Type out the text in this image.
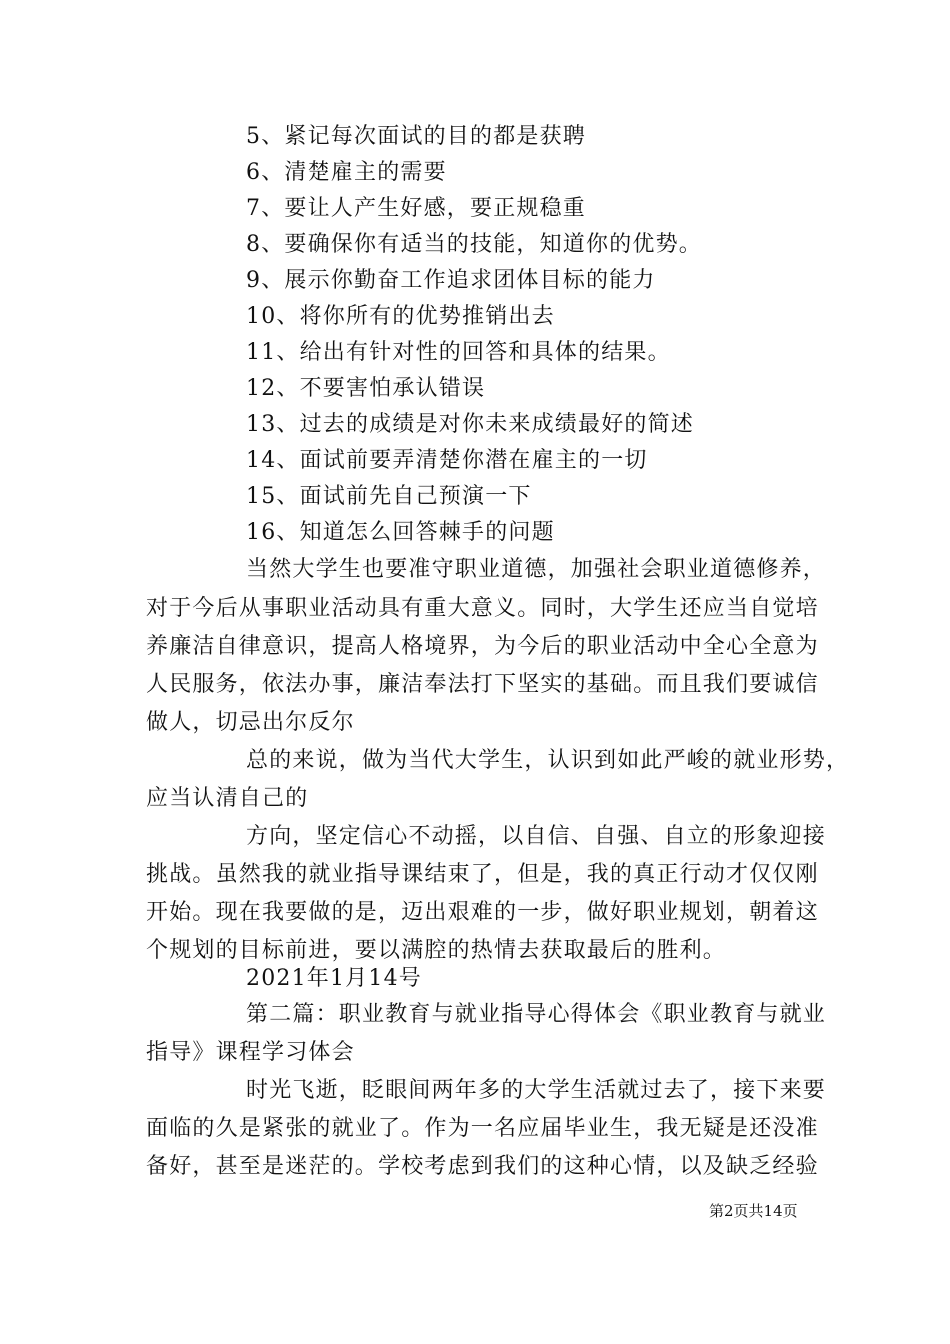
5、紧记每次面试的目的都是获聘
6、清楚雇主的需要
7、要让人产生好感，要正规稳重
8、要确保你有适当的技能，知道你的优势。
9、展示你勤奋工作追求团体目标的能力
10、将你所有的优势推销出去
11、给出有针对性的回答和具体的结果。
12、不要害怕承认错误
13、过去的成绩是对你未来成绩最好的简述
14、面试前要弄清楚你潜在雇主的一切
15、面试前先自己预演一下
16、知道怎么回答棘手的问题
当然大学生也要准守职业道德，加强社会职业道德修养，
对于今后从事职业活动具有重大意义。同时，大学生还应当自觉培
养廉洁自律意识，提高人格境界，为今后的职业活动中全心全意为
人民服务，依法办事，廉洁奉法打下坚实的基础。而且我们要诚信
做人，切忌出尔反尔
总的来说，做为当代大学生，认识到如此严峻的就业形势，
应当认清自己的
方向，坚定信心不动摇，以自信、自强、自立的形象迎接
挑战。虽然我的就业指导课结束了，但是，我的真正行动才仅仅刚
开始。现在我要做的是，迈出艰难的一步，做好职业规划，朝着这
个规划的目标前进，要以满腔的热情去获取最后的胜利。
2021年1月14号
第二篇：职业教育与就业指导心得体会《职业教育与就业
指导》课程学习体会
时光飞逝，眨眼间两年多的大学生活就过去了，接下来要
面临的久是紧张的就业了。作为一名应届毕业生，我无疑是还没准
备好，甚至是迷茫的。学校考虑到我们的这种心情，以及缺乏经验
第2页共14页
